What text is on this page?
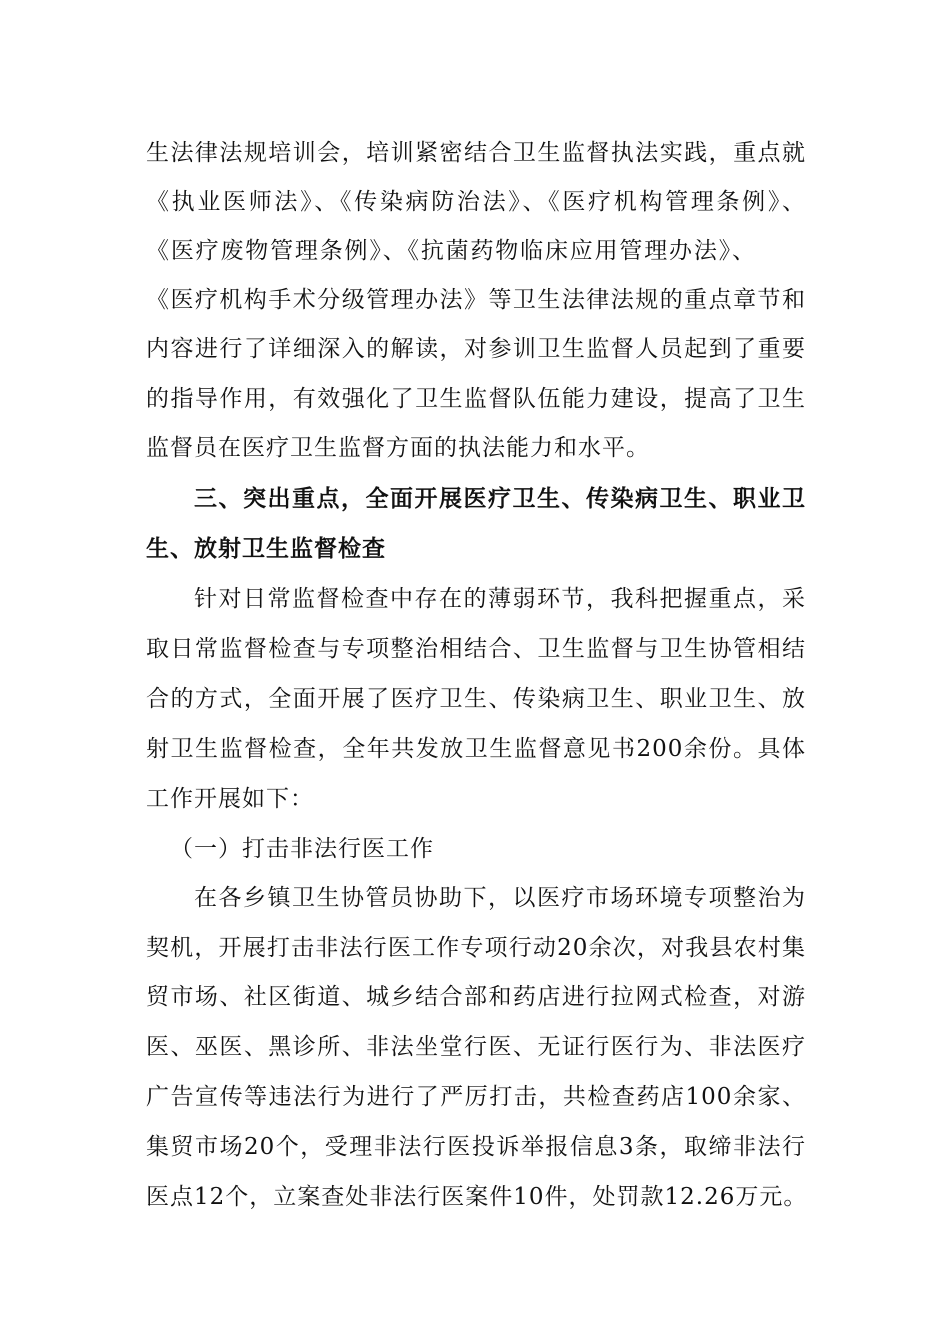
生法律法规培训会，培训紧密结合卫生监督执法实践，重点就
《执业医师法》、《传染病防治法》、《医疗机构管理条例》、
《医疗废物管理条例》、《抗菌药物临床应用管理办法》、
《医疗机构手术分级管理办法》等卫生法律法规的重点章节和
内容进行了详细深入的解读，对参训卫生监督人员起到了重要
的指导作用，有效强化了卫生监督队伍能力建设，提高了卫生
监督员在医疗卫生监督方面的执法能力和水平。
三、突出重点，全面开展医疗卫生、传染病卫生、职业卫
生、放射卫生监督检查
针对日常监督检查中存在的薄弱环节，我科把握重点，采
取日常监督检查与专项整治相结合、卫生监督与卫生协管相结
合的方式，全面开展了医疗卫生、传染病卫生、职业卫生、放
射卫生监督检查，全年共发放卫生监督意见书200余份。具体
工作开展如下：
（一）打击非法行医工作
在各乡镇卫生协管员协助下，以医疗市场环境专项整治为
契机，开展打击非法行医工作专项行动20余次，对我县农村集
贸市场、社区街道、城乡结合部和药店进行拉网式检查，对游
医、巫医、黑诊所、非法坐堂行医、无证行医行为、非法医疗
广告宣传等违法行为进行了严厉打击，共检查药店100余家、
集贸市场20个，受理非法行医投诉举报信息3条，取缔非法行
医点12个，立案查处非法行医案件10件，处罚款12.26万元。
